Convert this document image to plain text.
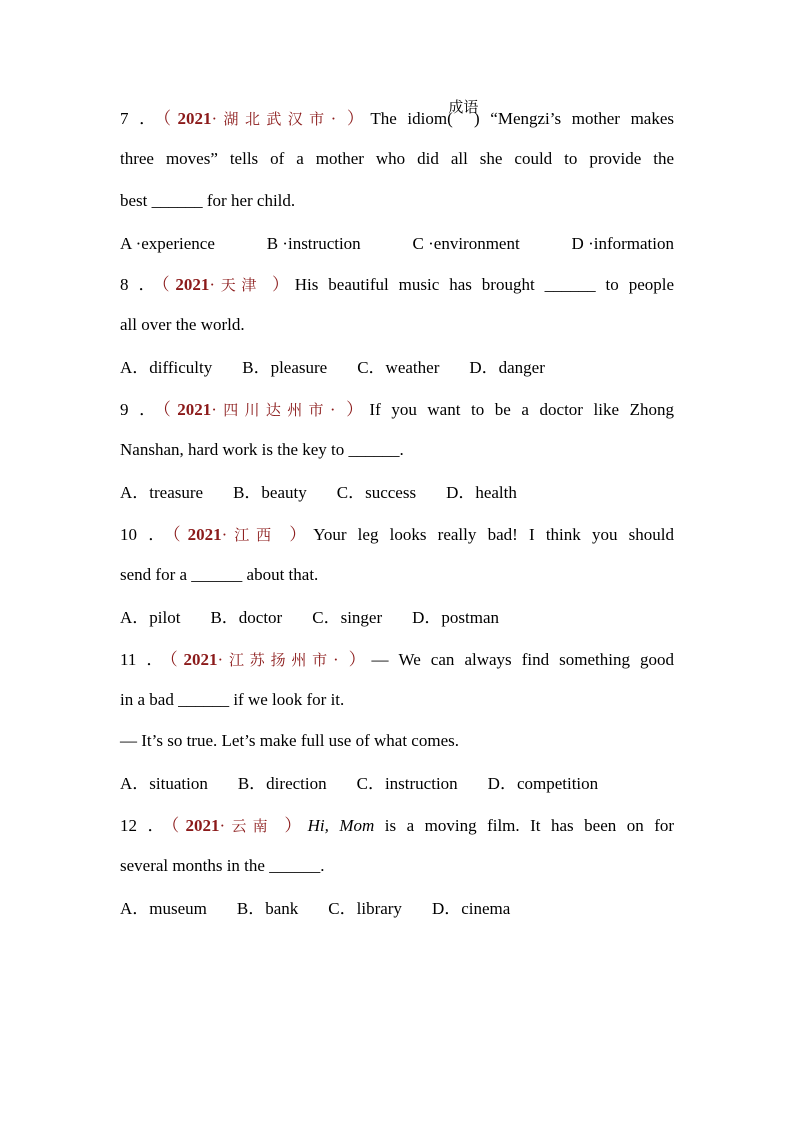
7 ．（2021·湖北武汉市· ）The idiom(
成语
) “Mengzi’s mother makes
three moves” tells of a mother who did all she could to provide the
best ______ for her child.
A ·experience	B ·instruction	C ·environment	D ·information
8 ．（2021·天津 ）His beautiful music has brought ______ to people
all over the world.
A．difficulty B．pleasure C．weather D．danger
9 ．（2021·四川达州市· ）If you want to be a doctor like Zhong
Nanshan, hard work is the key to ______.
A．treasure B．beauty C．success D．health
10 ．（2021·江西 ）Your leg looks really bad! I think you should
send for a ______ about that.
A．pilot B．doctor C．singer D．postman
11 ．（2021·江苏扬州市· ）— We can always find something good
in a bad ______ if we look for it.
— It’s so true. Let’s make full use of what comes.
A．situation B．direction C．instruction D．competition
12 ．（2021·云南 ）Hi, Mom is a moving film. It has been on for
several months in the ______.
A．museum B．bank C．library D．cinema
